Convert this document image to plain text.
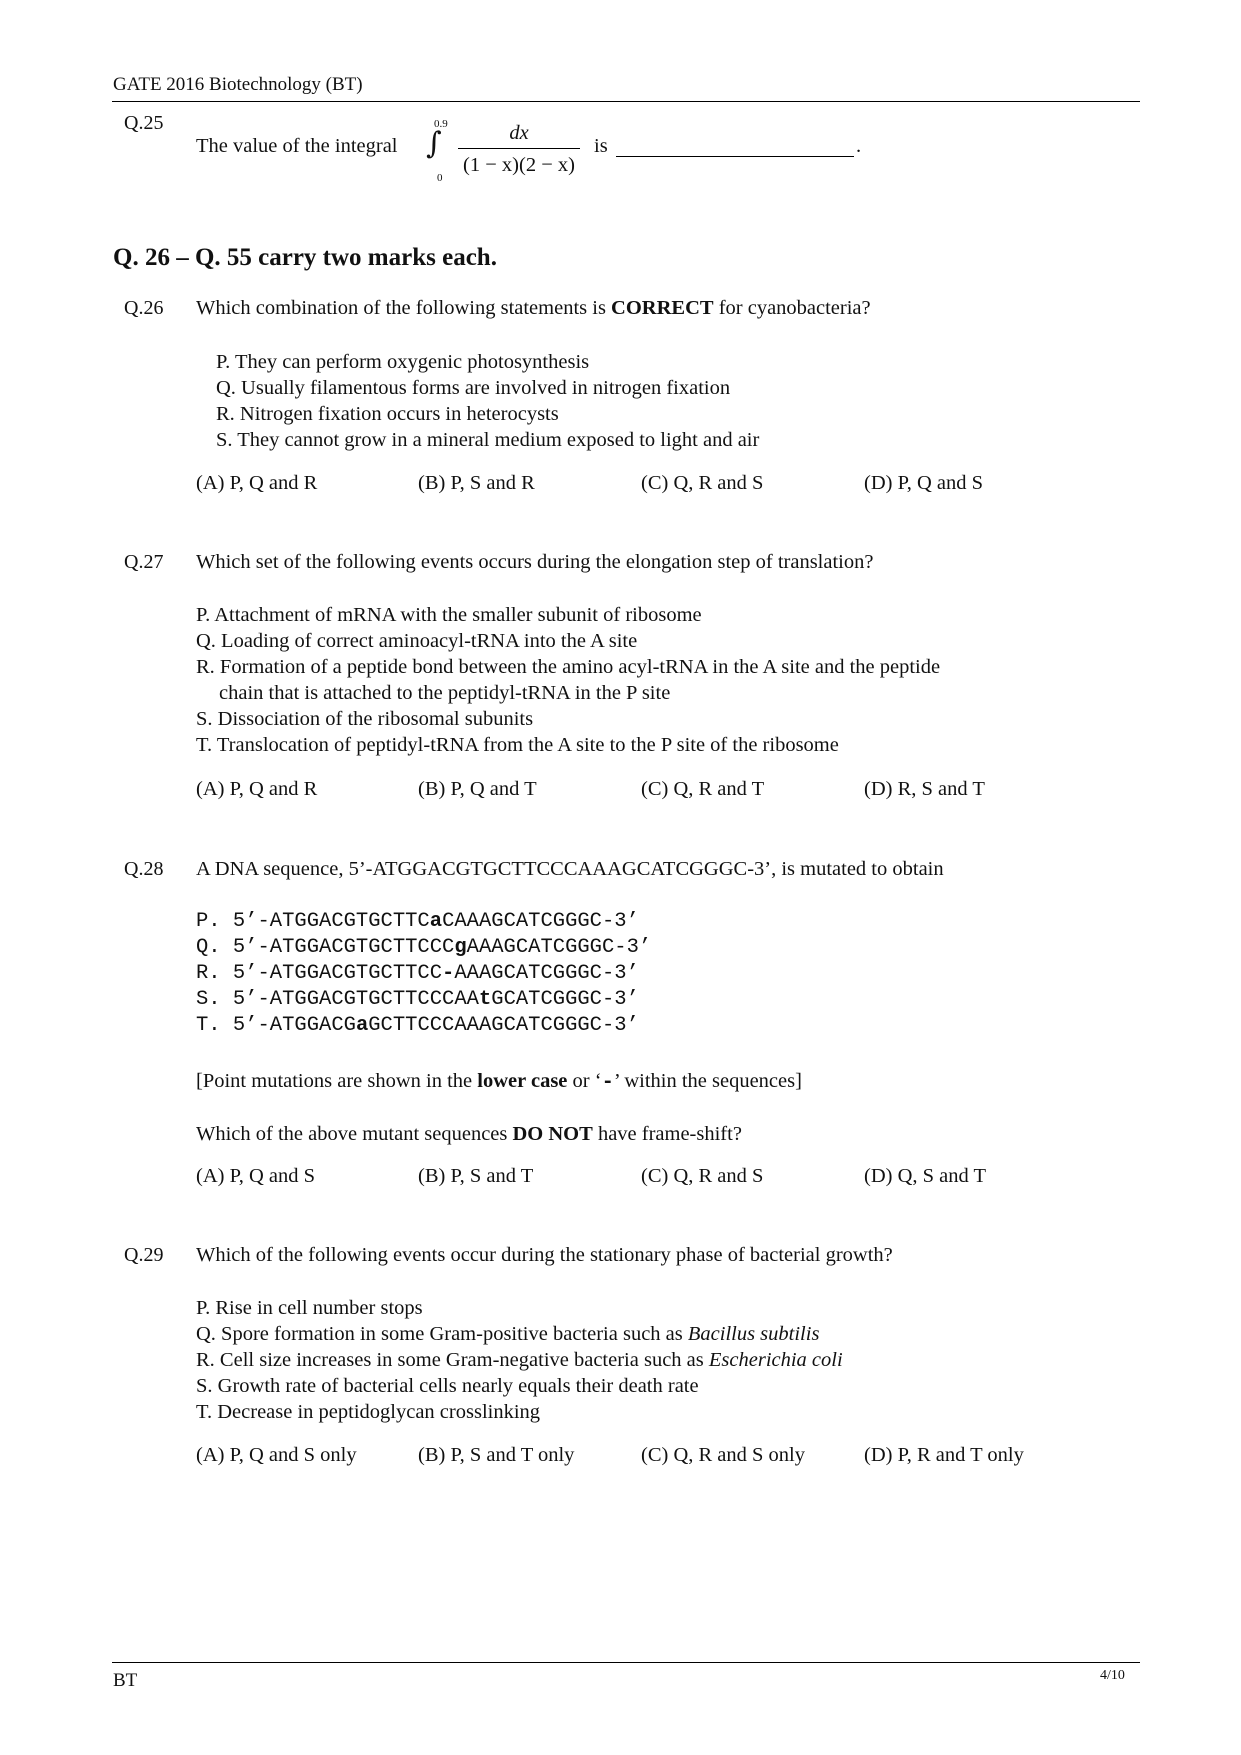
GATE 2016 Biotechnology (BT)
Q.25
The value of the integral
0.9
∫
0
dx
(1 − x)(2 − x)
is	.
Q. 26 – Q. 55 carry two marks each.
Q.26 Which combination of the following statements is CORRECT for cyanobacteria?
P. They can perform oxygenic photosynthesis
Q. Usually filamentous forms are involved in nitrogen fixation
R. Nitrogen fixation occurs in heterocysts
S. They cannot grow in a mineral medium exposed to light and air
(A) P, Q and R	(B) P, S and R	(C) Q, R and S	(D) P, Q and S
Q.27 Which set of the following events occurs during the elongation step of translation?
P. Attachment of mRNA with the smaller subunit of ribosome
Q. Loading of correct aminoacyl-tRNA into the A site
R. Formation of a peptide bond between the amino acyl-tRNA in the A site and the peptide
chain that is attached to the peptidyl-tRNA in the P site
S. Dissociation of the ribosomal subunits
T. Translocation of peptidyl-tRNA from the A site to the P site of the ribosome
(A) P, Q and R	(B) P, Q and T	(C) Q, R and T	(D) R, S and T
Q.28 A DNA sequence, 5’-ATGGACGTGCTTCCCAAAGCATCGGGC-3’, is mutated to obtain
P. 5’-ATGGACGTGCTTCaCAAAGCATCGGGC-3’
Q. 5’-ATGGACGTGCTTCCCgAAAGCATCGGGC-3’
R. 5’-ATGGACGTGCTTCC-AAAGCATCGGGC-3’
S. 5’-ATGGACGTGCTTCCCAAtGCATCGGGC-3’
T. 5’-ATGGACGaGCTTCCCAAAGCATCGGGC-3’
[Point mutations are shown in the lower case or ‘-’ within the sequences]
Which of the above mutant sequences DO NOT have frame-shift?
(A) P, Q and S	(B) P, S and T	(C) Q, R and S	(D) Q, S and T
Q.29 Which of the following events occur during the stationary phase of bacterial growth?
P. Rise in cell number stops
Q. Spore formation in some Gram-positive bacteria such as Bacillus subtilis
R. Cell size increases in some Gram-negative bacteria such as Escherichia coli
S. Growth rate of bacterial cells nearly equals their death rate
T. Decrease in peptidoglycan crosslinking
(A) P, Q and S only	(B) P, S and T only	(C) Q, R and S only	(D) P, R and T only
BT	4/10
